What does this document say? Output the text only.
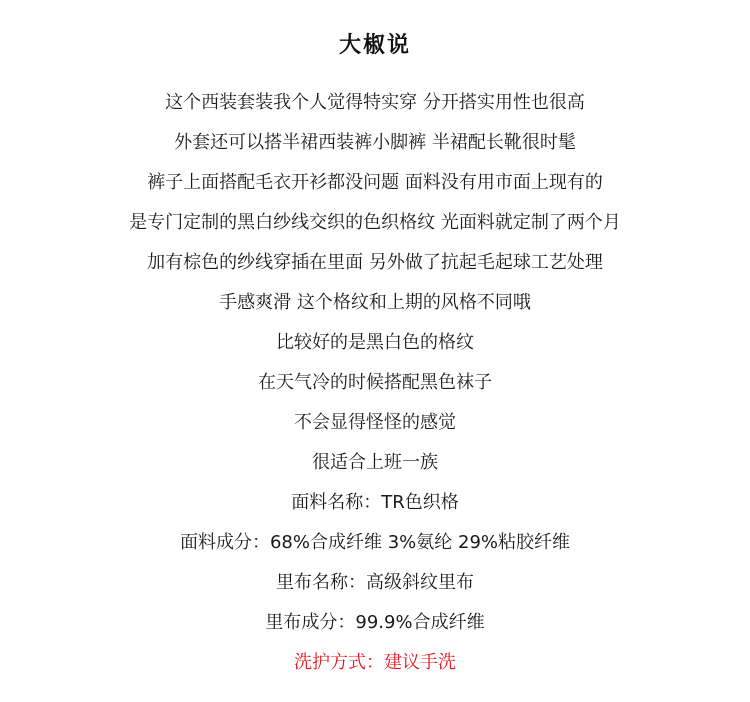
大椒说
这个西装套装我个人觉得特实穿 分开搭实用性也很高
外套还可以搭半裙西装裤小脚裤 半裙配长靴很时髦
裤子上面搭配毛衣开衫都没问题 面料没有用市面上现有的
是专门定制的黑白纱线交织的色织格纹 光面料就定制了两个月
加有棕色的纱线穿插在里面 另外做了抗起毛起球工艺处理
手感爽滑 这个格纹和上期的风格不同哦
比较好的是黑白色的格纹
在天气冷的时候搭配黑色袜子
不会显得怪怪的感觉
很适合上班一族
面料名称：TR色织格
面料成分：68%合成纤维 3%氨纶 29%粘胶纤维
里布名称：高级斜纹里布
里布成分：99.9%合成纤维
洗护方式：建议手洗
